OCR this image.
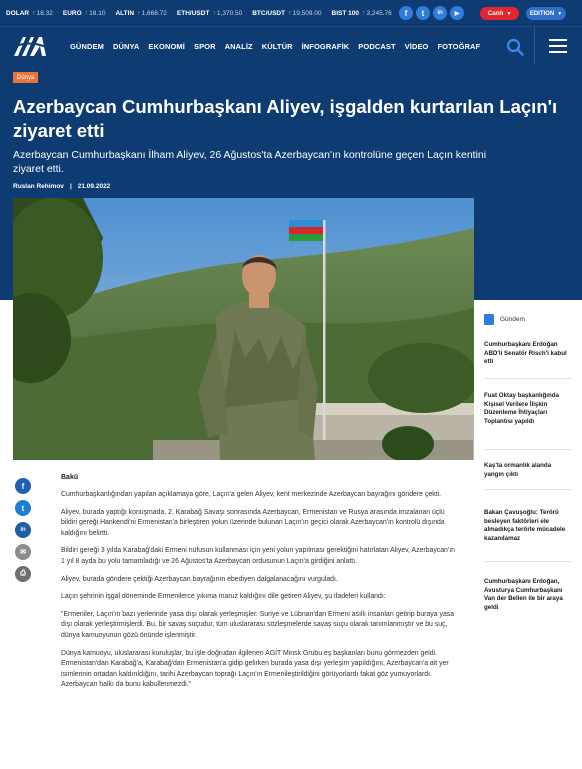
DOLAR ↑ 18.32 EURO ↑ 18.10 ALTIN ↑ 1,668.72 ETH/USDT ↑ 1,370.50 BTC/USDT ↑ 19,509.00 BIST 100 ↑ 3,245.76	f	t	in	▶	Canlı ▼	EDITION ▼
GÜNDEM DÜNYA EKONOMİ SPOR ANALİZ KÜLTÜR İNFOGRAFİK PODCAST VİDEO FOTOĞRAF
Dünya
Azerbaycan Cumhurbaşkanı Aliyev, işgalden kurtarılan Laçın'ı ziyaret etti
Azerbaycan Cumhurbaşkanı İlham Aliyev, 26 Ağustos'ta Azerbaycan'ın kontrolüne geçen Laçın kentini ziyaret etti.
Ruslan Rehimov | 21.09.2022
Gündem
Cumhurbaşkanı Erdoğan ABD'li Senatör Risch'i kabul etti
Fuat Oktay başkanlığında Kişisel Verilere İlişkin Düzenleme İhtiyaçları Toplantısı yapıldı
Kaş'ta ormanlık alanda yangın çıktı
Bakan Çavuşoğlu: Terörü besleyen faktörleri ele almadıkça terörle mücadele kazanılamaz
Cumhurbaşkanı Erdoğan, Avusturya Cumhurbaşkanı Van der Bellen ile bir araya geldi
f
t
in
✉
⎙
Bakü

Cumhurbaşkanlığından yapılan açıklamaya göre, Laçın'a gelen Aliyev, kent merkezinde Azerbaycan bayrağını göndere çekti.

Aliyev, burada yaptığı konuşmada, 2. Karabağ Savaşı sonrasında Azerbaycan, Ermenistan ve Rusya arasında imzalanan üçlü bildiri gereği Hankendi'ni Ermenistan'a birleştiren yolun üzerinde bulunan Laçın'ın geçici olarak Azerbaycan'ın kontrolü dışında kaldığını belirtti.

Bildiri gereği 3 yılda Karabağ'daki Ermeni nüfusun kullanması için yeni yolun yapılması gerektiğini hatırlatan Aliyev, Azerbaycan'ın 1 yıl 8 ayda bu yolu tamamladığı ve 26 Ağustos'ta Azerbaycan ordusunun Laçın'a girdiğini anlattı.

Aliyev, burada göndere çektiği Azerbaycan bayrağının ebediyen dalgalanacağını vurguladı.

Laçın şehrinin işgal döneminde Ermenilerce yıkıma maruz kaldığını dile getiren Aliyev, şu ifadeleri kullandı:

"Ermeniler, Laçın'ın bazı yerlerinde yasa dışı olarak yerleşmişler. Suriye ve Lübnan'dan Ermeni asıllı insanları getirip buraya yasa dışı olarak yerleştirmişlerdi. Bu, bir savaş suçudur, tüm uluslararası sözleşmelerde savaş suçu olarak tanımlanmıştır ve bu suç, dünya kamuoyunun gözü önünde işlenmiştir.

Dünya kamuoyu, uluslararası kuruluşlar, bu işle doğrudan ilgilenen AGİT Minsk Grubu eş başkanları bunu görmezden geldi. Ermenistan'dan Karabağ'a, Karabağ'dan Ermenistan'a gidip gelirken burada yasa dışı yerleşim yapıldığını, Azerbaycan'a ait yer isimlerinin ortadan kaldırıldığını, tarihi Azerbaycan toprağı Laçın'ın Ermenileştirildiğini görüyorlardı fakat göz yumuyorlardı. Azerbaycan halkı da bunu kabullenmezdi."
